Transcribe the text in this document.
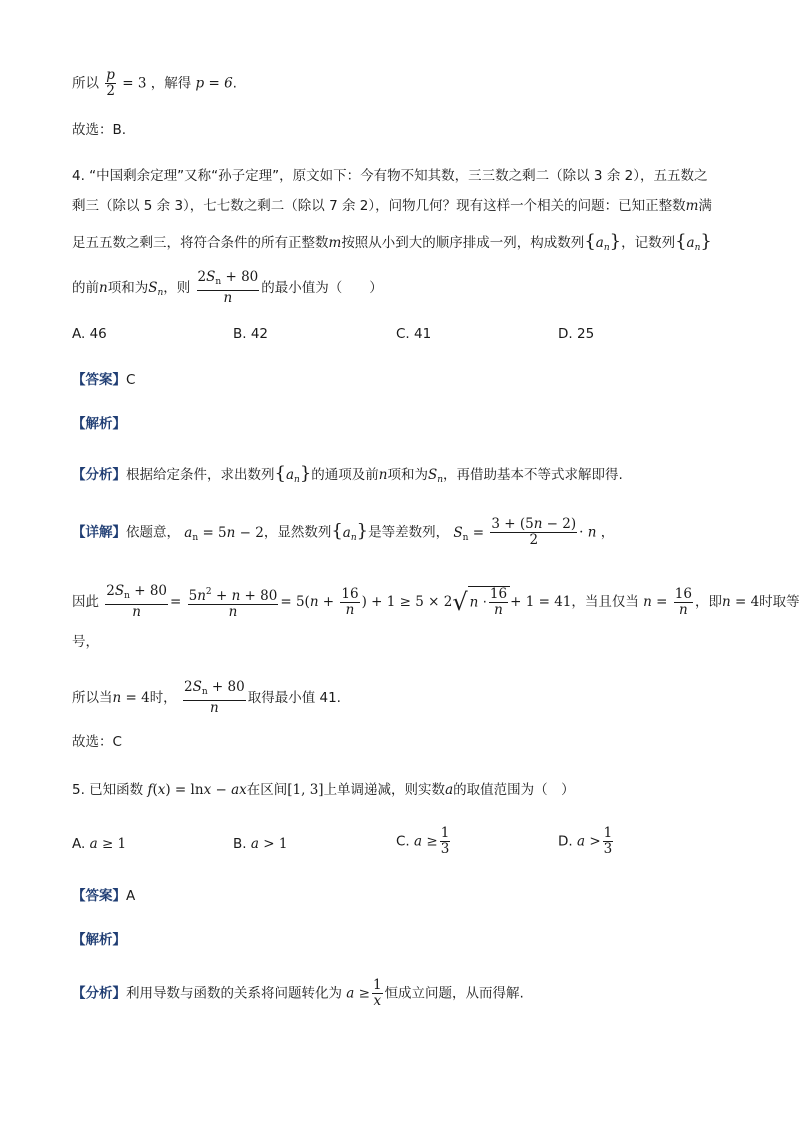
所以 $\frac{p}{2} = 3$ ，解得 p = 6.
故选：B.
4. “中国剩余定理”又称“孙子定理”，原文如下：今有物不知其数，三三数之剩二（除以 3 余 2），五五数之
剩三（除以 5 余 3），七七数之剩二（除以 7 余 2），问物几何？现有这样一个相关的问题：已知正整数m满
足五五数之剩三，将符合条件的所有正整数m按照从小到大的顺序排成一列，构成数列$\{a_n\}$，记数列$\{a_n\}$
的前n项和为$S_n$，则 $\frac{2S_n + 80}{n}$ 的最小值为（　　）
A. 46	B. 42	C. 41	D. 25
【答案】C
【解析】
【分析】根据给定条件，求出数列$\{a_n\}$的通项及前n项和为$S_n$，再借助基本不等式求解即得.
【详解】依题意， $a_n = 5n - 2$，显然数列$\{a_n\}$是等差数列， $S_n = \frac{3 + (5n - 2)}{2} \cdot n$ ，
因此 $\frac{2S_n + 80}{n} = \frac{5n^2 + n + 80}{n} = 5(n + \frac{16}{n}$ ) + 1 ≥ 5 × 2√ $n \cdot \frac{16}{n} + 1 = 41$，当且仅当 $n = \frac{16}{n}$ ，即n = 4时取等
号，
所以当n = 4时， $\frac{2S_n + 80}{n}$ 取得最小值 41.
故选：C
5. 已知函数 f(x) = lnx − ax在区间[1, 3]上单调递减，则实数a的取值范围为（　）
A. a ≥ 1	B. a > 1	C. $a \ge \frac{1}{3}$	D. $a > \frac{1}{3}$
【答案】A
【解析】
【分析】利用导数与函数的关系将问题转化为 $a \ge \frac{1}{x}$ 恒成立问题，从而得解.
